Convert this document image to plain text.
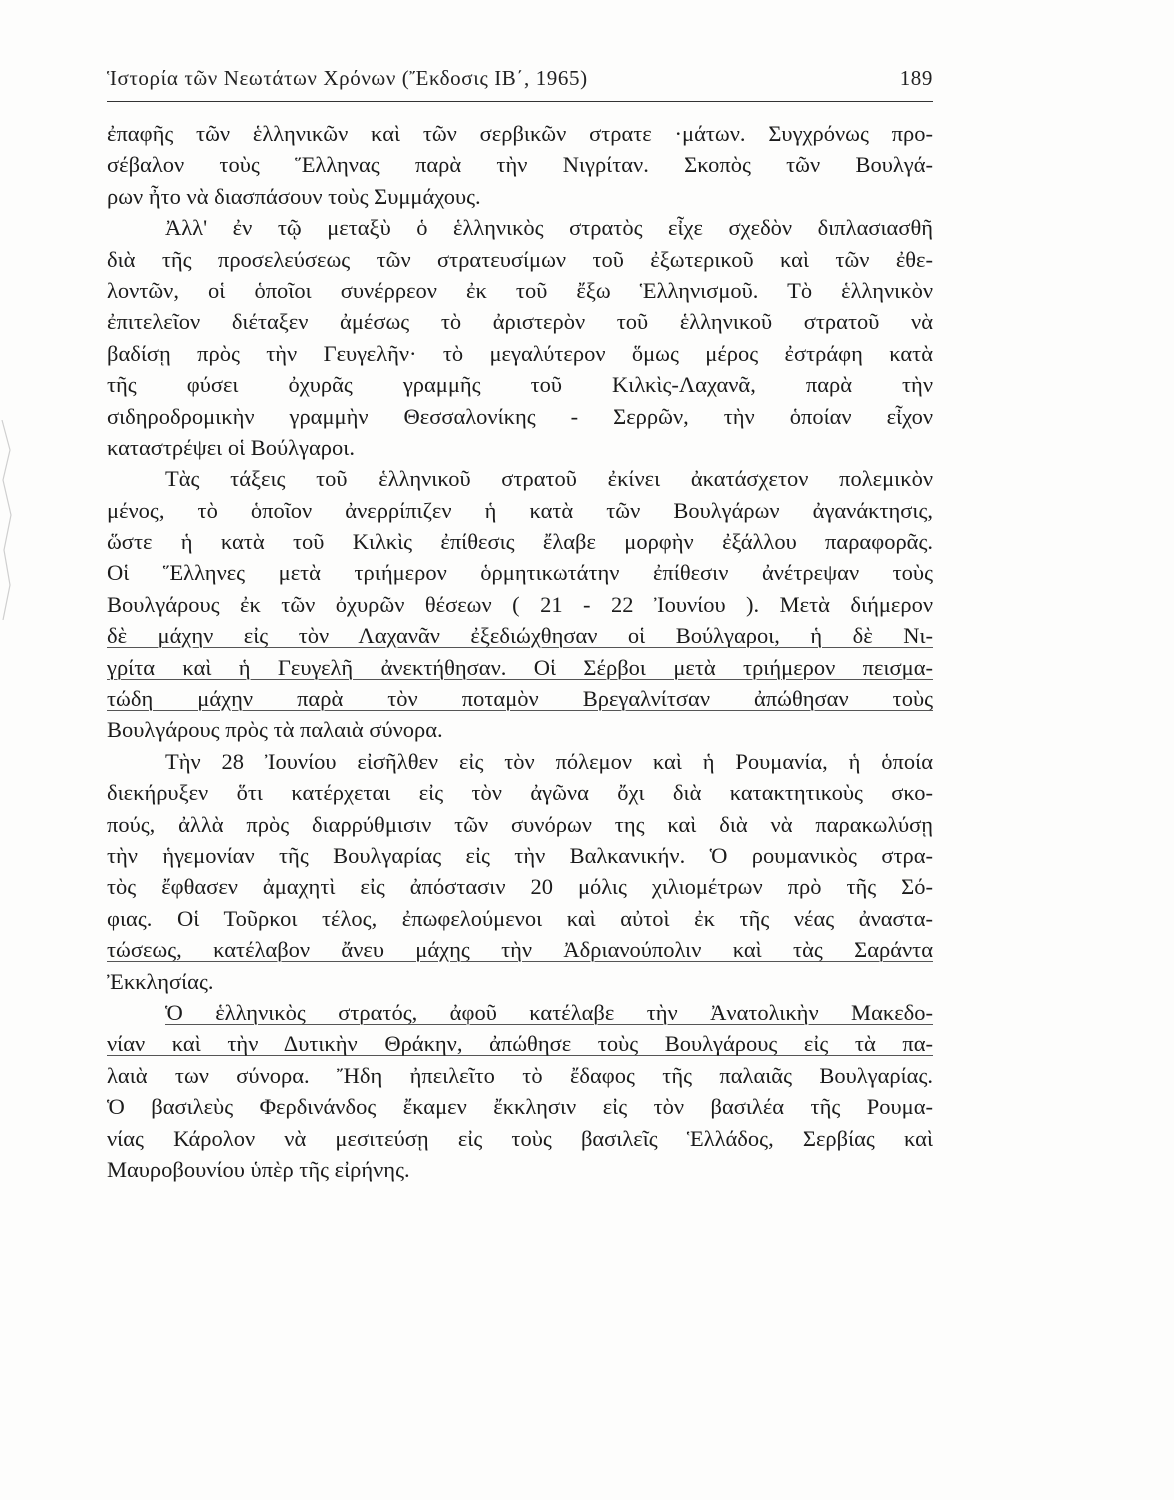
Ἱστορία τῶν Νεωτάτων Χρόνων (Ἔκδοσις ΙΒ΄, 1965)	189
ἐπαφῆς τῶν ἑλληνικῶν καὶ τῶν σερβικῶν στρατε ·μάτων. Συγχρόνως προ-
σέβαλον τοὺς Ἕλληνας παρὰ τὴν Νιγρίταν. Σκοπὸς τῶν Βουλγά-
ρων ἦτο νὰ διασπάσουν τοὺς Συμμάχους.
Ἀλλ' ἐν τῷ μεταξὺ ὁ ἑλληνικὸς στρατὸς εἶχε σχεδὸν διπλασιασθῆ
διὰ τῆς προσελεύσεως τῶν στρατευσίμων τοῦ ἐξωτερικοῦ καὶ τῶν ἐθε-
λοντῶν, οἱ ὁποῖοι συνέρρεον ἐκ τοῦ ἔξω Ἑλληνισμοῦ. Τὸ ἑλληνικὸν
ἐπιτελεῖον διέταξεν ἀμέσως τὸ ἀριστερὸν τοῦ ἑλληνικοῦ στρατοῦ νὰ
βαδίσῃ πρὸς τὴν Γευγελῆν· τὸ μεγαλύτερον ὅμως μέρος ἐστράφη κατὰ
τῆς φύσει ὀχυρᾶς γραμμῆς τοῦ Κιλκὶς-Λαχανᾶ, παρὰ τὴν
σιδηροδρομικὴν γραμμὴν Θεσσαλονίκης - Σερρῶν, τὴν ὁποίαν εἶχον
καταστρέψει οἱ Βούλγαροι.
Τὰς τάξεις τοῦ ἑλληνικοῦ στρατοῦ ἐκίνει ἀκατάσχετον πολεμικὸν
μένος, τὸ ὁποῖον ἀνερρίπιζεν ἡ κατὰ τῶν Βουλγάρων ἀγανάκτησις,
ὥστε ἡ κατὰ τοῦ Κιλκὶς ἐπίθεσις ἔλαβε μορφὴν ἐξάλλου παραφορᾶς.
Οἱ Ἕλληνες μετὰ τριήμερον ὁρμητικωτάτην ἐπίθεσιν ἀνέτρεψαν τοὺς
Βουλγάρους ἐκ τῶν ὀχυρῶν θέσεων ( 21 - 22 Ἰουνίου ). Μετὰ διήμερον
δὲ μάχην εἰς τὸν Λαχανᾶν ἐξεδιώχθησαν οἱ Βούλγαροι, ἡ δὲ Νι-
γρίτα καὶ ἡ Γευγελῆ ἀνεκτήθησαν. Οἱ Σέρβοι μετὰ τριήμερον πεισμα-
τώδη μάχην παρὰ τὸν ποταμὸν Βρεγαλνίτσαν ἀπώθησαν τοὺς
Βουλγάρους πρὸς τὰ παλαιὰ σύνορα.
Τὴν 28 Ἰουνίου εἰσῆλθεν εἰς τὸν πόλεμον καὶ ἡ Ρουμανία, ἡ ὁποία
διεκήρυξεν ὅτι κατέρχεται εἰς τὸν ἀγῶνα ὄχι διὰ κατακτητικοὺς σκο-
πούς, ἀλλὰ πρὸς διαρρύθμισιν τῶν συνόρων της καὶ διὰ νὰ παρακωλύσῃ
τὴν ἡγεμονίαν τῆς Βουλγαρίας εἰς τὴν Βαλκανικήν. Ὁ ρουμανικὸς στρα-
τὸς ἔφθασεν ἀμαχητὶ εἰς ἀπόστασιν 20 μόλις χιλιομέτρων πρὸ τῆς Σό-
φιας. Οἱ Τοῦρκοι τέλος, ἐπωφελούμενοι καὶ αὐτοὶ ἐκ τῆς νέας ἀναστα-
τώσεως, κατέλαβον ἄνευ μάχης τὴν Ἀδριανούπολιν καὶ τὰς Σαράντα
Ἐκκλησίας.
Ὁ ἑλληνικὸς στρατός, ἀφοῦ κατέλαβε τὴν Ἀνατολικὴν Μακεδο-
νίαν καὶ τὴν Δυτικὴν Θράκην, ἀπώθησε τοὺς Βουλγάρους εἰς τὰ πα-
λαιὰ των σύνορα. Ἤδη ἠπειλεῖτο τὸ ἔδαφος τῆς παλαιᾶς Βουλγαρίας.
Ὁ βασιλεὺς Φερδινάνδος ἔκαμεν ἔκκλησιν εἰς τὸν βασιλέα τῆς Ρουμα-
νίας Κάρολον νὰ μεσιτεύσῃ εἰς τοὺς βασιλεῖς Ἑλλάδος, Σερβίας καὶ
Μαυροβουνίου ὑπὲρ τῆς εἰρήνης.
